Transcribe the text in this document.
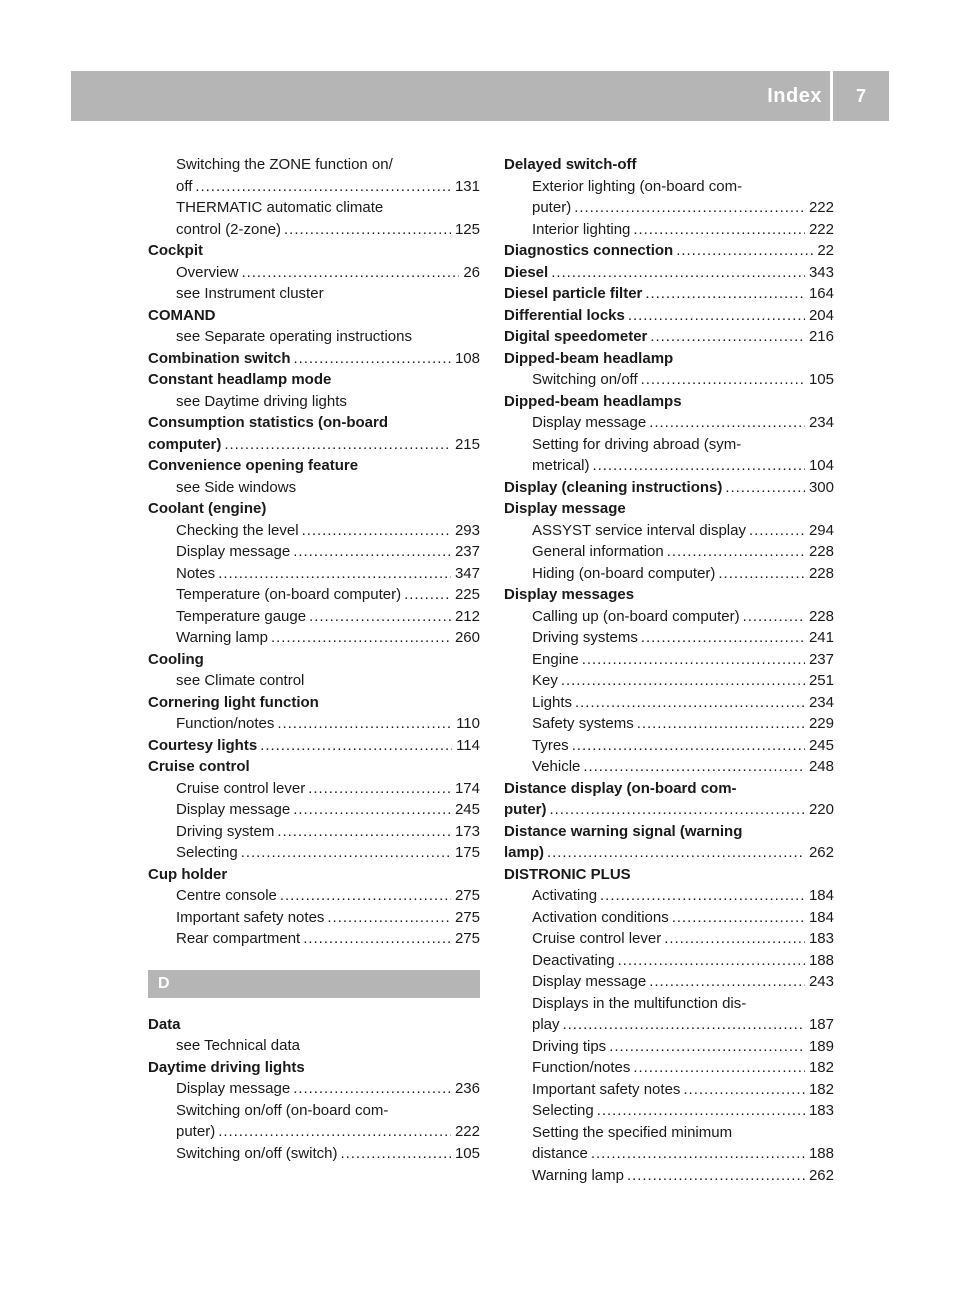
Index	7
Switching the ZONE function on/
off . . .	131
THERMATIC automatic climate
control (2-zone) . . .	125
Cockpit
Overview . . .	26
see Instrument cluster
COMAND
see Separate operating instructions
Combination switch . . .	108
Constant headlamp mode
see Daytime driving lights
Consumption statistics (on-board
computer) . . .	215
Convenience opening feature
see Side windows
Coolant (engine)
Checking the level . . .	293
Display message . . .	237
Notes . . .	347
Temperature (on-board computer) . . .	225
Temperature gauge . . .	212
Warning lamp . . .	260
Cooling
see Climate control
Cornering light function
Function/notes . . .	110
Courtesy lights . . .	114
Cruise control
Cruise control lever . . .	174
Display message . . .	245
Driving system . . .	173
Selecting . . .	175
Cup holder
Centre console . . .	275
Important safety notes . . .	275
Rear compartment . . .	275
D
Data
see Technical data
Daytime driving lights
Display message . . .	236
Switching on/off (on-board com-
puter) . . .	222
Switching on/off (switch) . . .	105
Delayed switch-off
Exterior lighting (on-board com-
puter) . . .	222
Interior lighting . . .	222
Diagnostics connection . . .	22
Diesel . . .	343
Diesel particle filter . . .	164
Differential locks . . .	204
Digital speedometer . . .	216
Dipped-beam headlamp
Switching on/off . . .	105
Dipped-beam headlamps
Display message . . .	234
Setting for driving abroad (sym-
metrical) . . .	104
Display (cleaning instructions) . . .	300
Display message
ASSYST service interval display . . .	294
General information . . .	228
Hiding (on-board computer) . . .	228
Display messages
Calling up (on-board computer) . . .	228
Driving systems . . .	241
Engine . . .	237
Key . . .	251
Lights . . .	234
Safety systems . . .	229
Tyres . . .	245
Vehicle . . .	248
Distance display (on-board com-
puter) . . .	220
Distance warning signal (warning
lamp) . . .	262
DISTRONIC PLUS
Activating . . .	184
Activation conditions . . .	184
Cruise control lever . . .	183
Deactivating . . .	188
Display message . . .	243
Displays in the multifunction dis-
play . . .	187
Driving tips . . .	189
Function/notes . . .	182
Important safety notes . . .	182
Selecting . . .	183
Setting the specified minimum
distance . . .	188
Warning lamp . . .	262
